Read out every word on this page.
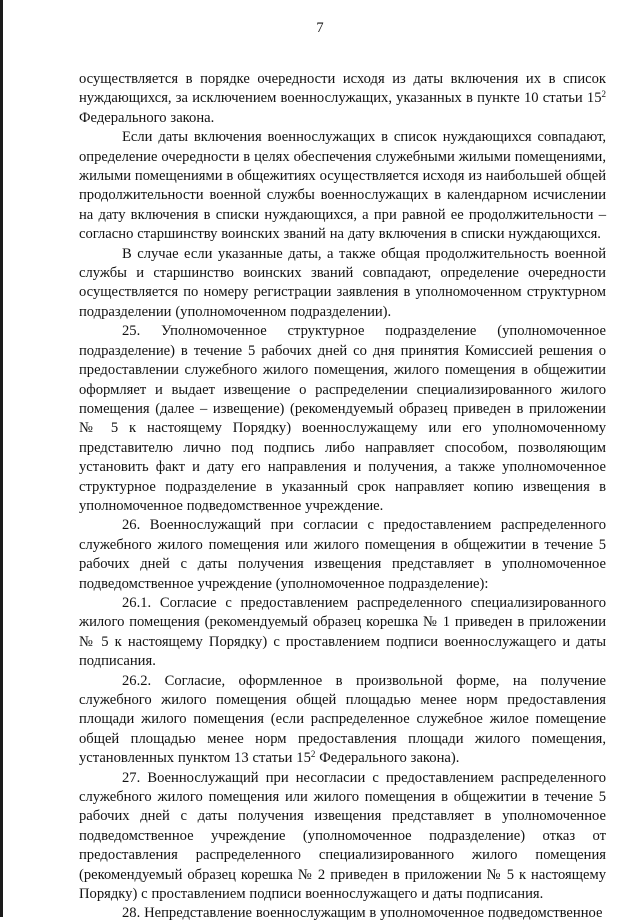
7

осуществляется в порядке очередности исходя из даты включения их в список нуждающихся, за исключением военнослужащих, указанных в пункте 10 статьи $15^2$ Федерального закона.

Если даты включения военнослужащих в список нуждающихся совпадают, определение очередности в целях обеспечения служебными жилыми помещениями, жилыми помещениями в общежитиях осуществляется исходя из наибольшей общей продолжительности военной службы военнослужащих в календарном исчислении на дату включения в списки нуждающихся, а при равной ее продолжительности – согласно старшинству воинских званий на дату включения в списки нуждающихся.

В случае если указанные даты, а также общая продолжительность военной службы и старшинство воинских званий совпадают, определение очередности осуществляется по номеру регистрации заявления в уполномоченном структурном подразделении (уполномоченном подразделении).

25. Уполномоченное структурное подразделение (уполномоченное подразделение) в течение 5 рабочих дней со дня принятия Комиссией решения о предоставлении служебного жилого помещения, жилого помещения в общежитии оформляет и выдает извещение о распределении специализированного жилого помещения (далее – извещение) (рекомендуемый образец приведен в приложении № 5 к настоящему Порядку) военнослужащему или его уполномоченному представителю лично под подпись либо направляет способом, позволяющим установить факт и дату его направления и получения, а также уполномоченное структурное подразделение в указанный срок направляет копию извещения в уполномоченное подведомственное учреждение.

26. Военнослужащий при согласии с предоставлением распределенного служебного жилого помещения или жилого помещения в общежитии в течение 5 рабочих дней с даты получения извещения представляет в уполномоченное подведомственное учреждение (уполномоченное подразделение):

26.1. Согласие с предоставлением распределенного специализированного жилого помещения (рекомендуемый образец корешка № 1 приведен в приложении № 5 к настоящему Порядку) с проставлением подписи военнослужащего и даты подписания.

26.2. Согласие, оформленное в произвольной форме, на получение служебного жилого помещения общей площадью менее норм предоставления площади жилого помещения (если распределенное служебное жилое помещение общей площадью менее норм предоставления площади жилого помещения, установленных пунктом 13 статьи $15^2$ Федерального закона).

27. Военнослужащий при несогласии с предоставлением распределенного служебного жилого помещения или жилого помещения в общежитии в течение 5 рабочих дней с даты получения извещения представляет в уполномоченное подведомственное учреждение (уполномоченное подразделение) отказ от предоставления распределенного специализированного жилого помещения (рекомендуемый образец корешка № 2 приведен в приложении № 5 к настоящему Порядку) с проставлением подписи военнослужащего и даты подписания.

28. Непредставление военнослужащим в уполномоченное подведомственное
